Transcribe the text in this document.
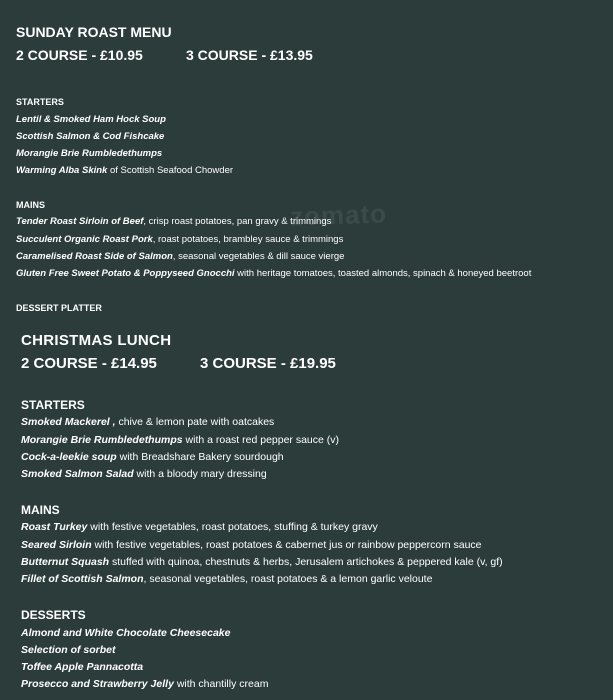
zomato
SUNDAY ROAST MENU
2 COURSE - £10.95	3 COURSE - £13.95
STARTERS
Lentil & Smoked Ham Hock Soup
Scottish Salmon & Cod Fishcake
Morangie Brie Rumbledethumps
Warming Alba Skink of Scottish Seafood Chowder
MAINS
Tender Roast Sirloin of Beef, crisp roast potatoes, pan gravy & trimmings
Succulent Organic Roast Pork, roast potatoes, brambley sauce & trimmings
Caramelised Roast Side of Salmon, seasonal vegetables & dill sauce vierge
Gluten Free Sweet Potato & Poppyseed Gnocchi with heritage tomatoes, toasted almonds, spinach & honeyed beetroot
DESSERT PLATTER
CHRISTMAS LUNCH
2 COURSE - £14.95	3 COURSE - £19.95
STARTERS
Smoked Mackerel , chive & lemon pate with oatcakes
Morangie Brie Rumbledethumps with a roast red pepper sauce (v)
Cock-a-leekie soup with Breadshare Bakery sourdough
Smoked Salmon Salad with a bloody mary dressing
MAINS
Roast Turkey with festive vegetables, roast potatoes, stuffing & turkey gravy
Seared Sirloin with festive vegetables, roast potatoes & cabernet jus or rainbow peppercorn sauce
Butternut Squash stuffed with quinoa, chestnuts & herbs, Jerusalem artichokes & peppered kale (v, gf)
Fillet of Scottish Salmon, seasonal vegetables, roast potatoes & a lemon garlic veloute
DESSERTS
Almond and White Chocolate Cheesecake
Selection of sorbet
Toffee Apple Pannacotta
Prosecco and Strawberry Jelly with chantilly cream
